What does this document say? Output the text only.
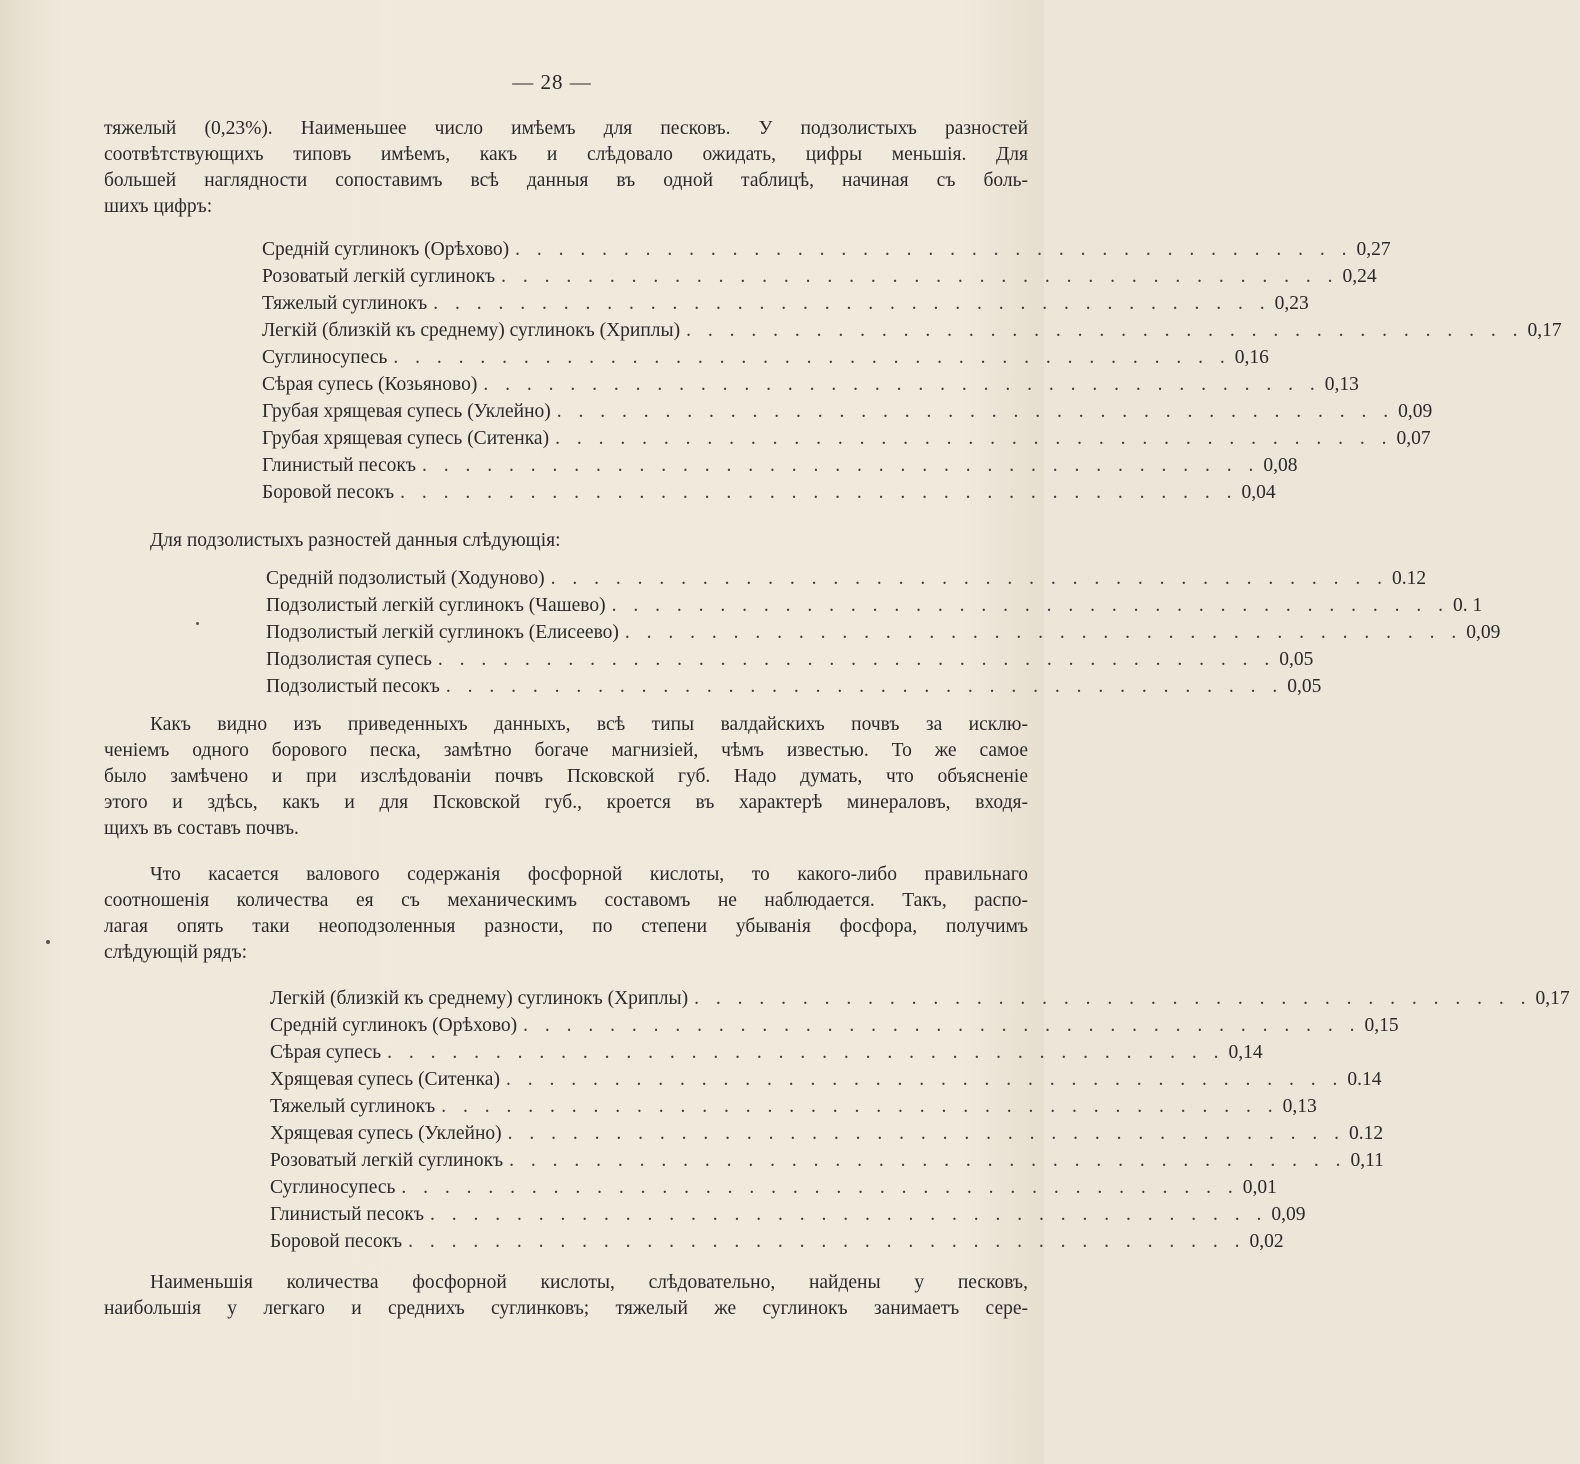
— 28 —
тяжелый (0,23%). Наименьшее число имѣемъ для песковъ. У подзолистыхъ разностей
соотвѣтствующихъ типовъ имѣемъ, какъ и слѣдовало ожидать, цифры меньшія. Для
большей наглядности сопоставимъ всѣ данныя въ одной таблицѣ, начиная съ боль-
шихъ цифръ:
Средній суглинокъ (Орѣхово) . . . . . . . . . . . . . . . . . . . . . . . . . . . . . . . . . . . . . . . 0,27
Розоватый легкій суглинокъ . . . . . . . . . . . . . . . . . . . . . . . . . . . . . . . . . . . . . . . 0,24
Тяжелый суглинокъ . . . . . . . . . . . . . . . . . . . . . . . . . . . . . . . . . . . . . . . 0,23
Легкій (близкій къ среднему) суглинокъ (Хриплы) . . . . . . . . . . . . . . . . . . . . . . . . . . . . . . . . . . . . . . . 0,17
Суглиносупесь . . . . . . . . . . . . . . . . . . . . . . . . . . . . . . . . . . . . . . . 0,16
Сѣрая супесь (Козьяново) . . . . . . . . . . . . . . . . . . . . . . . . . . . . . . . . . . . . . . . 0,13
Грубая хрящевая супесь (Уклейно) . . . . . . . . . . . . . . . . . . . . . . . . . . . . . . . . . . . . . . . 0,09
Грубая хрящевая супесь (Ситенка) . . . . . . . . . . . . . . . . . . . . . . . . . . . . . . . . . . . . . . . 0,07
Глинистый песокъ . . . . . . . . . . . . . . . . . . . . . . . . . . . . . . . . . . . . . . . 0,08
Боровой песокъ . . . . . . . . . . . . . . . . . . . . . . . . . . . . . . . . . . . . . . . 0,04
Для подзолистыхъ разностей данныя слѣдующія:
Средній подзолистый (Ходуново) . . . . . . . . . . . . . . . . . . . . . . . . . . . . . . . . . . . . . . . 0.12
Подзолистый легкій суглинокъ (Чашево) . . . . . . . . . . . . . . . . . . . . . . . . . . . . . . . . . . . . . . . 0. 1
Подзолистый легкій суглинокъ (Елисеево) . . . . . . . . . . . . . . . . . . . . . . . . . . . . . . . . . . . . . . . 0,09
Подзолистая супесь . . . . . . . . . . . . . . . . . . . . . . . . . . . . . . . . . . . . . . . 0,05
Подзолистый песокъ . . . . . . . . . . . . . . . . . . . . . . . . . . . . . . . . . . . . . . . 0,05
Какъ видно изъ приведенныхъ данныхъ, всѣ типы валдайскихъ почвъ за исклю-
ченіемъ одного борового песка, замѣтно богаче магнизіей, чѣмъ известью. То же самое
было замѣчено и при изслѣдованіи почвъ Псковской губ. Надо думать, что объясненіе
этого и здѣсь, какъ и для Псковской губ., кроется въ характерѣ минераловъ, входя-
щихъ въ составъ почвъ.
Что касается валового содержанія фосфорной кислоты, то какого-либо правильнаго
соотношенія количества ея съ механическимъ составомъ не наблюдается. Такъ, распо-
лагая опять таки неоподзоленныя разности, по степени убыванія фосфора, получимъ
слѣдующій рядъ:
Легкій (близкій къ среднему) суглинокъ (Хриплы) . . . . . . . . . . . . . . . . . . . . . . . . . . . . . . . . . . . . . . . 0,17
Средній суглинокъ (Орѣхово) . . . . . . . . . . . . . . . . . . . . . . . . . . . . . . . . . . . . . . . 0,15
Сѣрая супесь . . . . . . . . . . . . . . . . . . . . . . . . . . . . . . . . . . . . . . . 0,14
Хрящевая супесь (Ситенка) . . . . . . . . . . . . . . . . . . . . . . . . . . . . . . . . . . . . . . . 0.14
Тяжелый суглинокъ . . . . . . . . . . . . . . . . . . . . . . . . . . . . . . . . . . . . . . . 0,13
Хрящевая супесь (Уклейно) . . . . . . . . . . . . . . . . . . . . . . . . . . . . . . . . . . . . . . . 0.12
Розоватый легкій суглинокъ . . . . . . . . . . . . . . . . . . . . . . . . . . . . . . . . . . . . . . . 0,11
Суглиносупесь . . . . . . . . . . . . . . . . . . . . . . . . . . . . . . . . . . . . . . . 0,01
Глинистый песокъ . . . . . . . . . . . . . . . . . . . . . . . . . . . . . . . . . . . . . . . 0,09
Боровой песокъ . . . . . . . . . . . . . . . . . . . . . . . . . . . . . . . . . . . . . . . 0,02
Наименьшія количества фосфорной кислоты, слѣдовательно, найдены у песковъ,
наибольшія у легкаго и среднихъ суглинковъ; тяжелый же суглинокъ занимаетъ сере-
